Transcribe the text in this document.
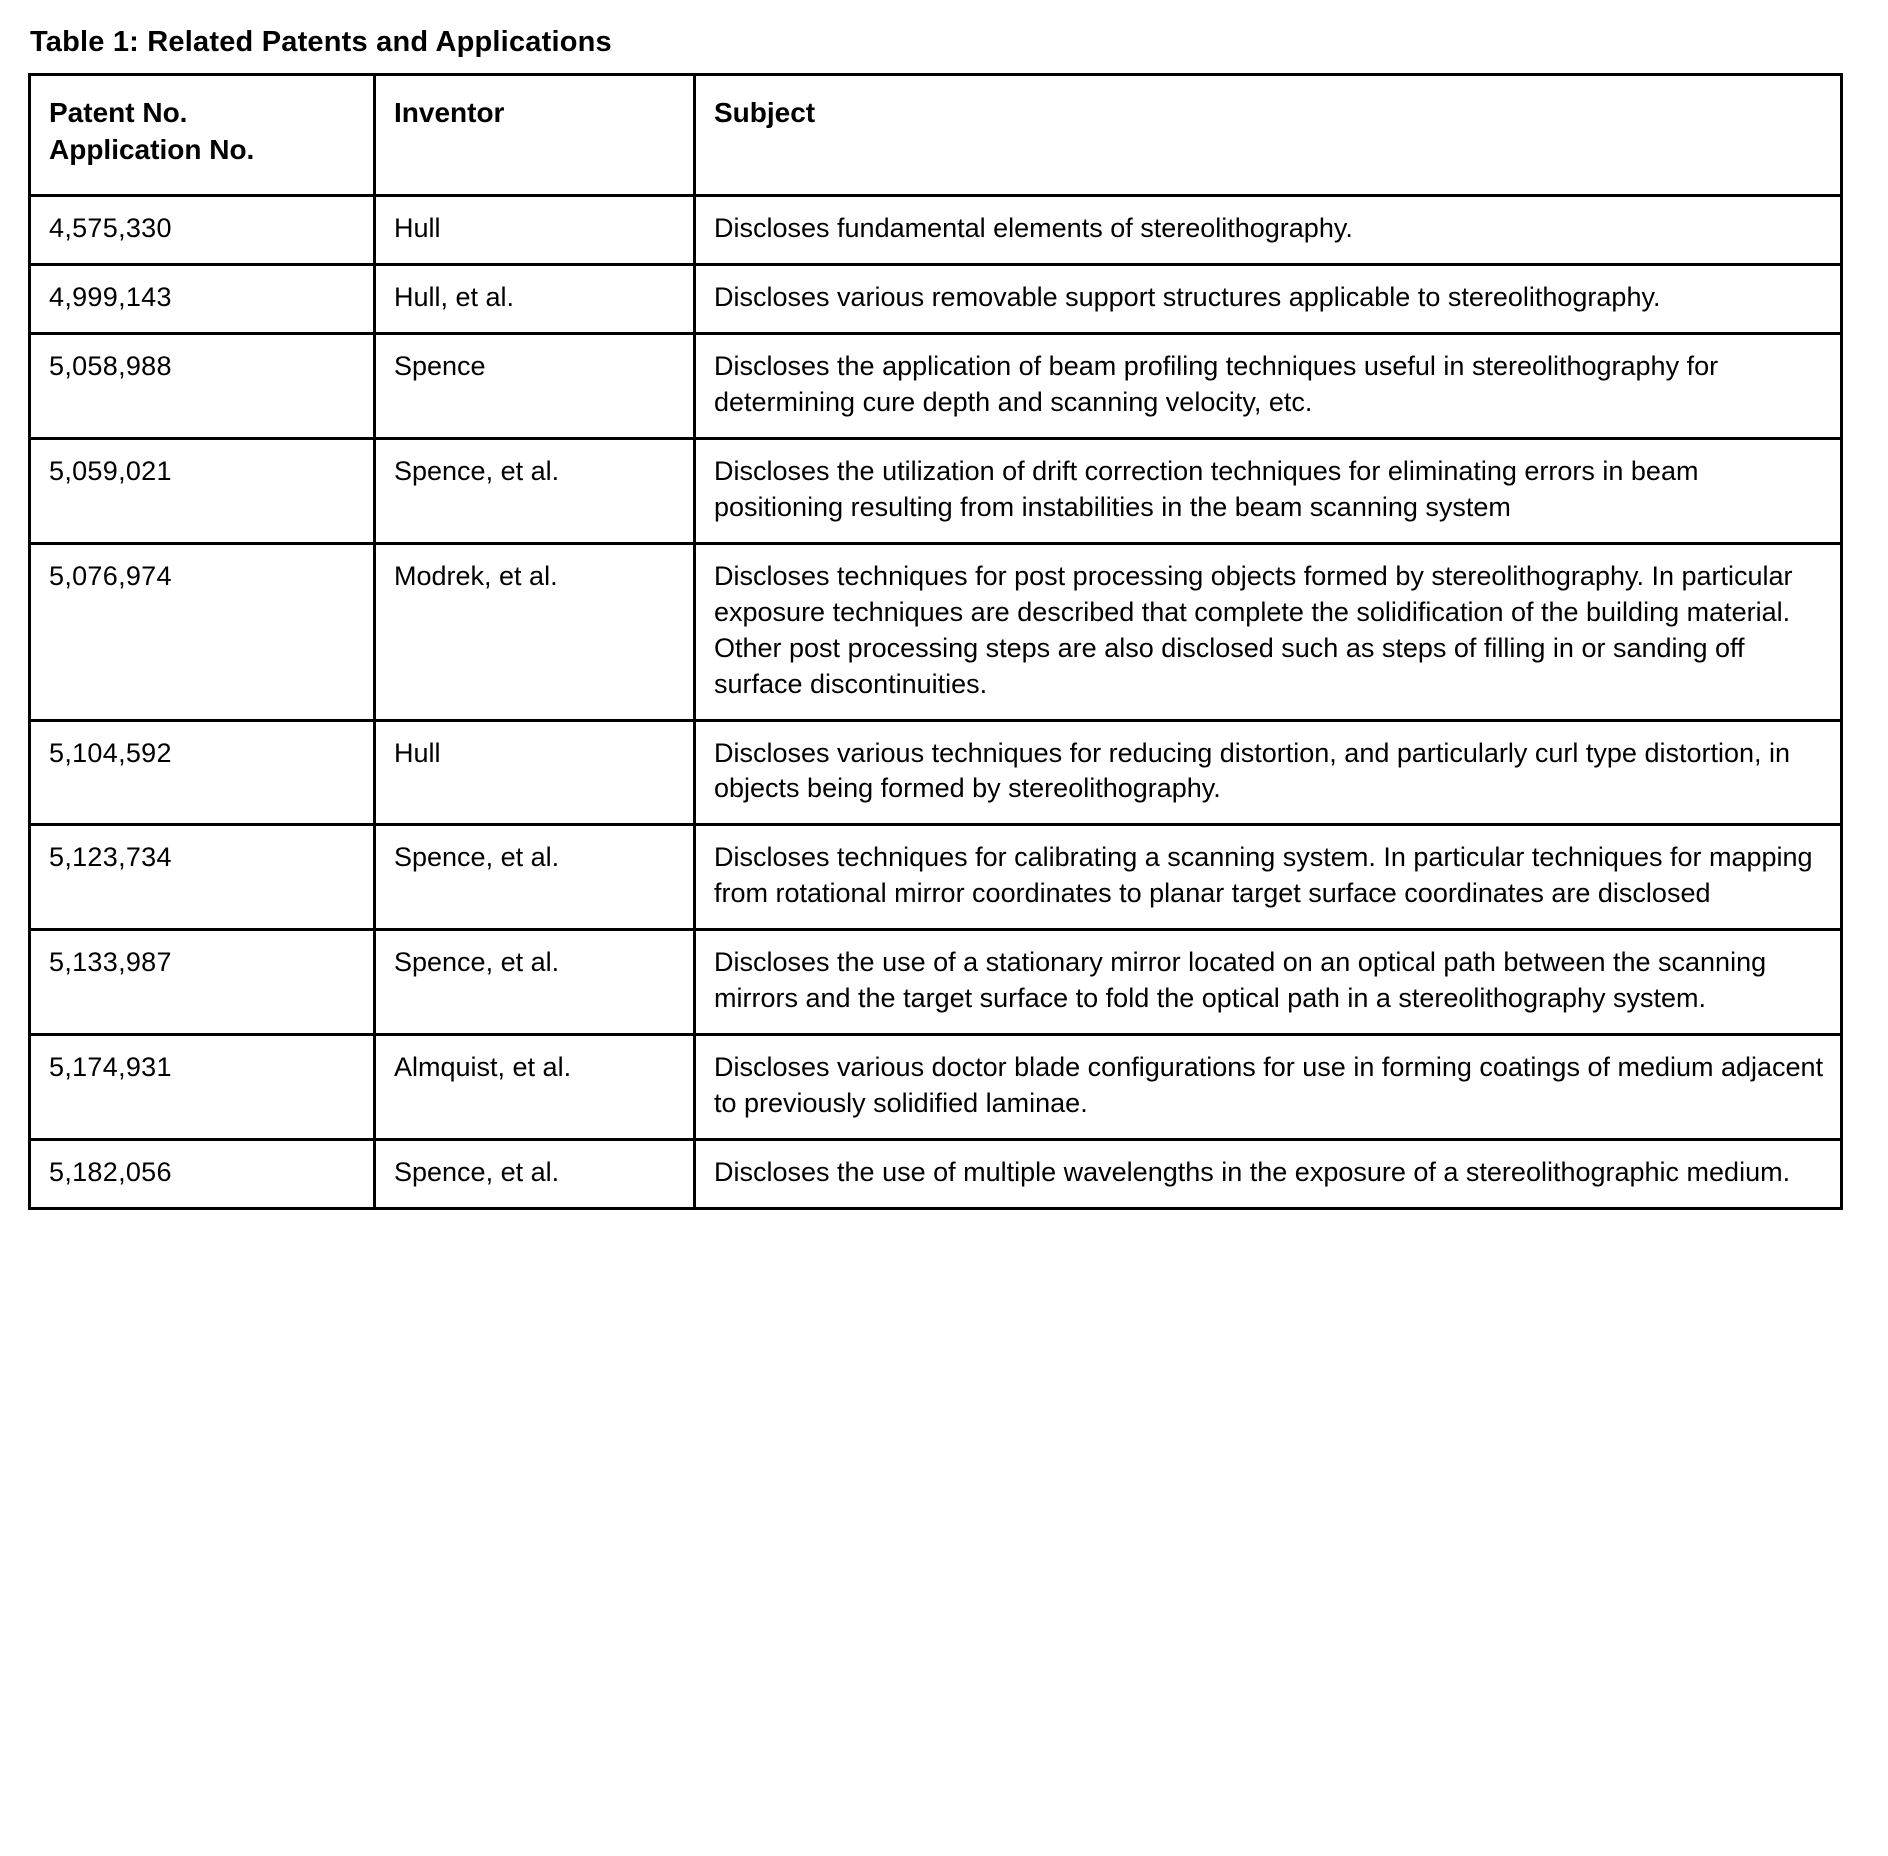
Table 1: Related Patents and Applications
Patent No.
Application No.	Inventor	Subject
4,575,330	Hull	Discloses fundamental elements of stereolithography.
4,999,143	Hull, et al.	Discloses various removable support structures applicable to stereolithography.
5,058,988	Spence	Discloses the application of beam profiling techniques useful in stereolithography for determining cure depth and scanning velocity, etc.
5,059,021	Spence, et al.	Discloses the utilization of drift correction techniques for eliminating errors in beam positioning resulting from instabilities in the beam scanning system
5,076,974	Modrek, et al.	Discloses techniques for post processing objects formed by stereolithography. In particular exposure techniques are described that complete the solidification of the building material. Other post processing steps are also disclosed such as steps of filling in or sanding off surface discontinuities.
5,104,592	Hull	Discloses various techniques for reducing distortion, and particularly curl type distortion, in objects being formed by stereolithography.
5,123,734	Spence, et al.	Discloses techniques for calibrating a scanning system. In particular techniques for mapping from rotational mirror coordinates to planar target surface coordinates are disclosed
5,133,987	Spence, et al.	Discloses the use of a stationary mirror located on an optical path between the scanning mirrors and the target surface to fold the optical path in a stereolithography system.
5,174,931	Almquist, et al.	Discloses various doctor blade configurations for use in forming coatings of medium adjacent to previously solidified laminae.
5,182,056	Spence, et al.	Discloses the use of multiple wavelengths in the exposure of a stereolithographic medium.
